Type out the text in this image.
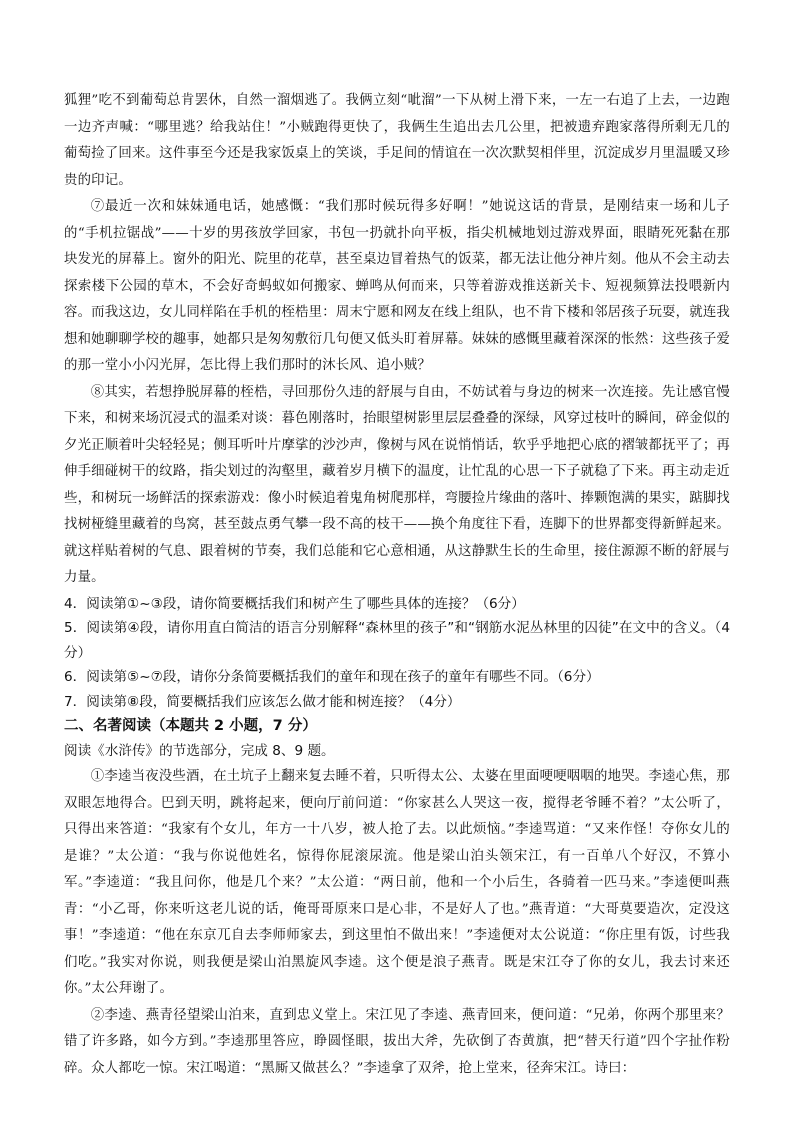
狐狸”吃不到葡萄总肯罢休，自然一溜烟逃了。我俩立刻“呲溜”一下从树上滑下来，一左一右追了上去，一边跑一边齐声喊：“哪里逃？给我站住！”小贼跑得更快了，我俩生生追出去几公里，把被遗弃跑家落得所剩无几的葡萄捡了回来。这件事至今还是我家饭桌上的笑谈，手足间的情谊在一次次默契相伴里，沉淀成岁月里温暖又珍贵的印记。

⑦最近一次和妹妹通电话，她感慨：“我们那时候玩得多好啊！”她说这话的背景，是刚结束一场和儿子的“手机拉锯战”——十岁的男孩放学回家，书包一扔就扑向平板，指尖机械地划过游戏界面，眼睛死死黏在那块发光的屏幕上。窗外的阳光、院里的花草，甚至桌边冒着热气的饭菜，都无法让他分神片刻。他从不会主动去探索楼下公园的草木，不会好奇蚂蚁如何搬家、蝉鸣从何而来，只等着游戏推送新关卡、短视频算法投喂新内容。而我这边，女儿同样陷在手机的桎梏里：周末宁愿和网友在线上组队，也不肯下楼和邻居孩子玩耍，就连我想和她聊聊学校的趣事，她都只是匆匆敷衍几句便又低头盯着屏幕。妹妹的感慨里藏着深深的怅然：这些孩子爱的那一堂小小闪光屏，怎比得上我们那时的沐长风、追小贼？

⑧其实，若想挣脱屏幕的桎梏，寻回那份久违的舒展与自由，不妨试着与身边的树来一次连接。先让感官慢下来，和树来场沉浸式的温柔对谈：暮色刚落时，抬眼望树影里层层叠叠的深绿，风穿过枝叶的瞬间，碎金似的夕光正顺着叶尖轻轻晃；侧耳听叶片摩挲的沙沙声，像树与风在说悄悄话，软乎乎地把心底的褶皱都抚平了；再伸手细碰树干的纹路，指尖划过的沟壑里，藏着岁月横下的温度，让忙乱的心思一下子就稳了下来。再主动走近些，和树玩一场鲜活的探索游戏：像小时候追着鬼角树爬那样，弯腰捡片缘曲的落叶、捧颗饱满的果实，踮脚找找树桠缝里藏着的鸟窝，甚至鼓点勇气攀一段不高的枝干——换个角度往下看，连脚下的世界都变得新鲜起来。就这样贴着树的气息、跟着树的节奏，我们总能和它心意相通，从这静默生长的生命里，接住源源不断的舒展与力量。

4．阅读第①~③段，请你简要概括我们和树产生了哪些具体的连接？（6分）

5．阅读第④段，请你用直白简洁的语言分别解释“森林里的孩子”和“钢筋水泥丛林里的囚徒”在文中的含义。（4分）

6．阅读第⑤~⑦段，请你分条简要概括我们的童年和现在孩子的童年有哪些不同。（6分）

7．阅读第⑧段，简要概括我们应该怎么做才能和树连接？（4分）

二、名著阅读（本题共 2 小题，7 分）

阅读《水浒传》的节选部分，完成 8、9 题。

①李逵当夜没些酒，在土坑子上翻来复去睡不着，只听得太公、太婆在里面哽哽咽咽的地哭。李逵心焦，那双眼怎地得合。巴到天明，跳将起来，便向厅前问道：“你家甚么人哭这一夜，搅得老爷睡不着？”太公听了，只得出来答道：“我家有个女儿，年方一十八岁，被人抢了去。以此烦恼。”李逵骂道：“又来作怪！夺你女儿的是谁？”太公道：“我与你说他姓名，惊得你屁滚尿流。他是梁山泊头领宋江，有一百单八个好汉，不算小军。”李逵道：“我且问你，他是几个来？”太公道：“两日前，他和一个小后生，各骑着一匹马来。”李逵便叫燕青：“小乙哥，你来听这老儿说的话，俺哥哥原来口是心非，不是好人了也。”燕青道：“大哥莫要造次，定没这事！”李逵道：“他在东京兀自去李师师家去，到这里怕不做出来！”李逵便对太公说道：“你庄里有饭，讨些我们吃。”我实对你说，则我便是梁山泊黑旋风李逵。这个便是浪子燕青。既是宋江夺了你的女儿，我去讨来还你。”太公拜谢了。

②李逵、燕青径望梁山泊来，直到忠义堂上。宋江见了李逵、燕青回来，便问道：“兄弟，你两个那里来？错了许多路，如今方到。”李逵那里答应，睁圆怪眼，拔出大斧，先砍倒了杏黄旗，把“替天行道”四个字扯作粉碎。众人都吃一惊。宋江喝道：“黑厮又做甚么？”李逵拿了双斧，抢上堂来，径奔宋江。诗曰：
